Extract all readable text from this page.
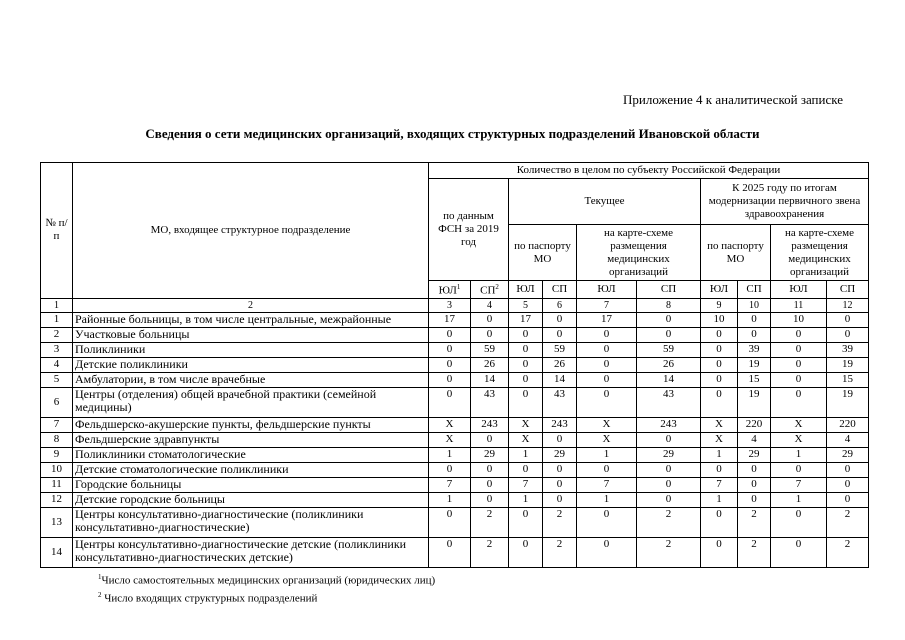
Приложение 4 к аналитической записке
Сведения о сети медицинских организаций, входящих структурных подразделений Ивановской области
№ п/п	МО, входящее структурное подразделение	Количество в целом по субъекту Российской Федерации									
		по данным ФСН за 2019 год		Текущее				К 2025 году по итогам модернизации первичного звена здравоохранения			
				по паспорту МО		на карте-схеме размещения медицинских организаций		по паспорту МО		на карте-схеме размещения медицинских организаций	
		$ЮЛ^1$	$СП^2$	ЮЛ	СП	ЮЛ	СП	ЮЛ	СП	ЮЛ	СП
1	2	3	4	5	6	7	8	9	10	11	12
1	Районные больницы, в том числе центральные, межрайонные	17	0	17	0	17	0	10	0	10	0
2	Участковые больницы	0	0	0	0	0	0	0	0	0	0
3	Поликлиники	0	59	0	59	0	59	0	39	0	39
4	Детские поликлиники	0	26	0	26	0	26	0	19	0	19
5	Амбулатории, в том числе врачебные	0	14	0	14	0	14	0	15	0	15
6	Центры (отделения) общей врачебной практики (семейной медицины)	0	43	0	43	0	43	0	19	0	19
7	Фельдшерско-акушерские пункты, фельдшерские пункты	X	243	X	243	X	243	X	220	X	220
8	Фельдшерские здравпункты	X	0	X	0	X	0	X	4	X	4
9	Поликлиники стоматологические	1	29	1	29	1	29	1	29	1	29
10	Детские стоматологические поликлиники	0	0	0	0	0	0	0	0	0	0
11	Городские больницы	7	0	7	0	7	0	7	0	7	0
12	Детские городские больницы	1	0	1	0	1	0	1	0	1	0
13	Центры консультативно-диагностические (поликлиники консультативно-диагностические)	0	2	0	2	0	2	0	2	0	2
14	Центры консультативно-диагностические детские (поликлиники консультативно-диагностических детские)	0	2	0	2	0	2	0	2	0	2
$^1$Число самостоятельных медицинских организаций (юридических лиц)
$^2$ Число входящих структурных подразделений
